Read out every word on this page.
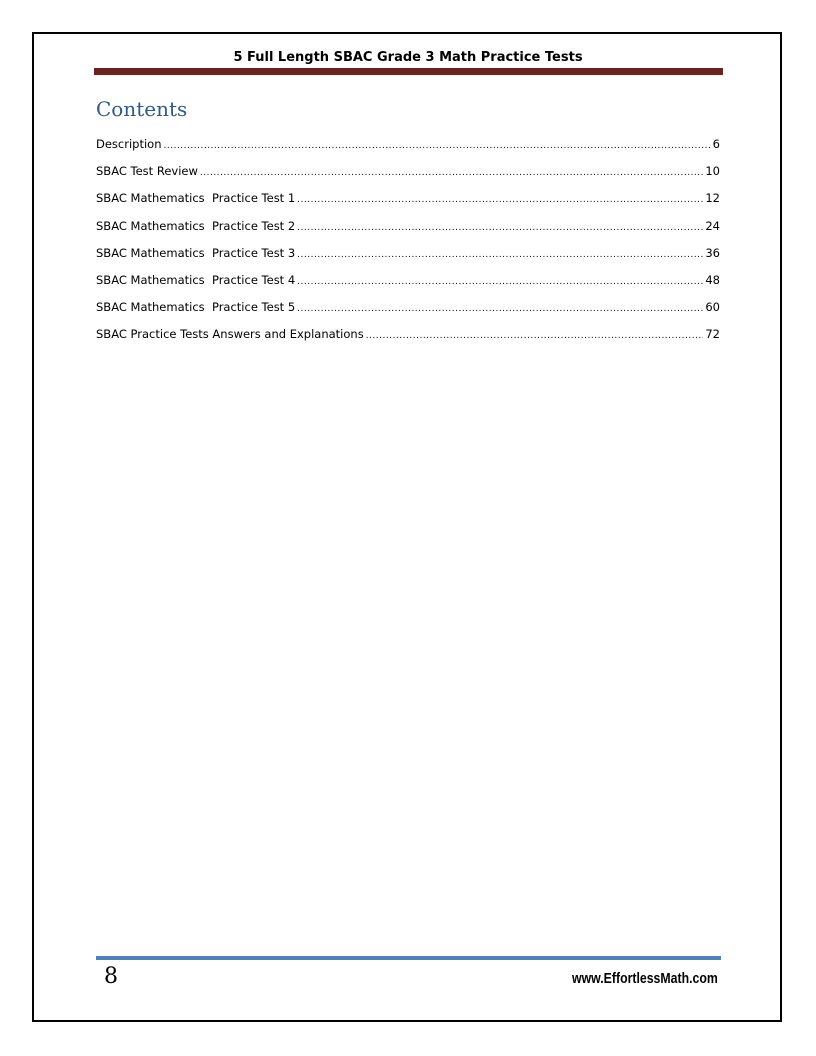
5 Full Length SBAC Grade 3 Math Practice Tests
Contents
Description .....	6
SBAC Test Review .....	10
SBAC Mathematics  Practice Test 1 .....	12
SBAC Mathematics  Practice Test 2 .....	24
SBAC Mathematics  Practice Test 3 .....	36
SBAC Mathematics  Practice Test 4 .....	48
SBAC Mathematics  Practice Test 5 .....	60
SBAC Practice Tests Answers and Explanations .....	72
8	www.EffortlessMath.com
